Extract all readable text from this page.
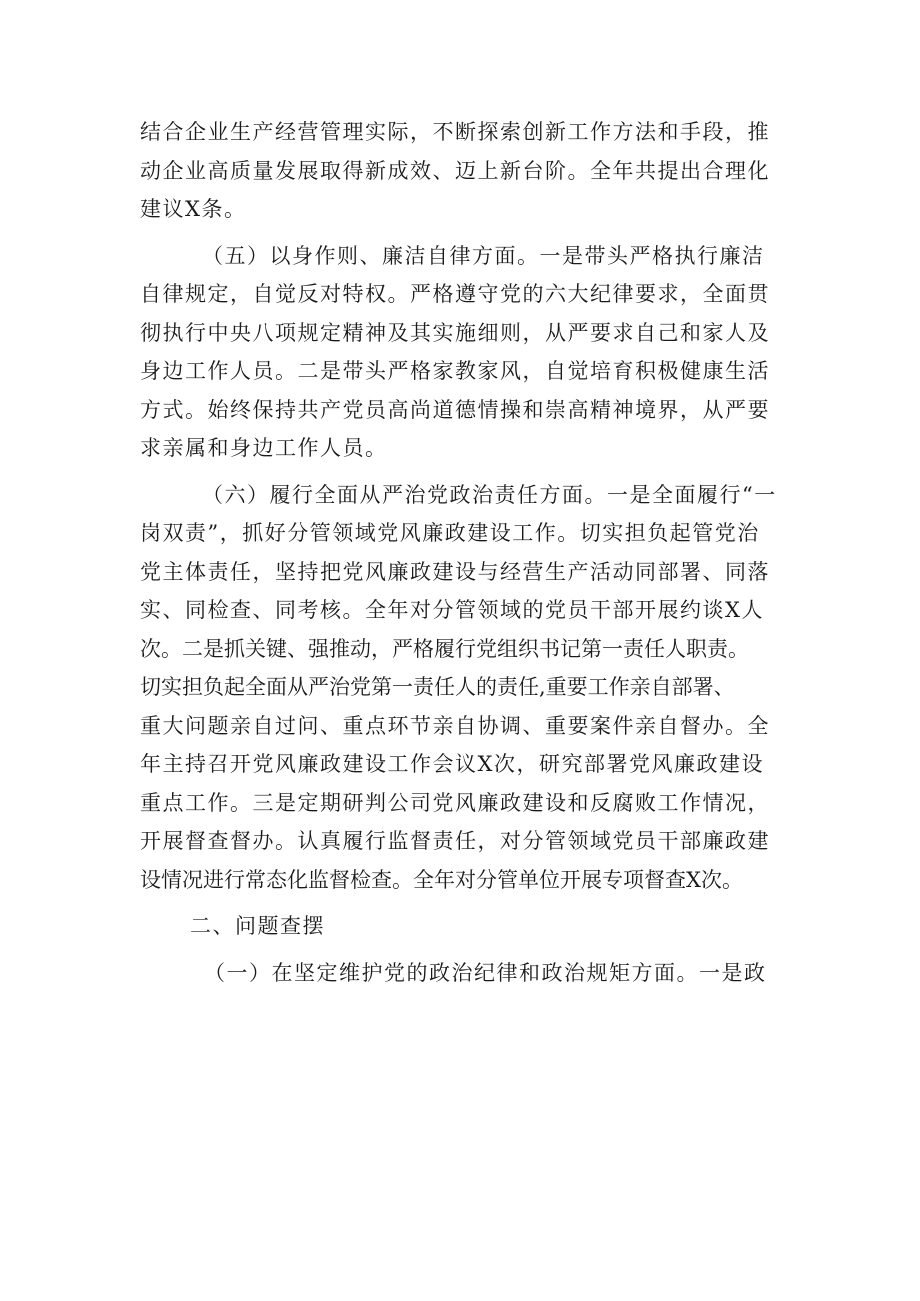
结合企业生产经营管理实际，不断探索创新工作方法和手段，推
动企业高质量发展取得新成效、迈上新台阶。全年共提出合理化
建议X条。
（五）以身作则、廉洁自律方面。一是带头严格执行廉洁
自律规定，自觉反对特权。严格遵守党的六大纪律要求，全面贯
彻执行中央八项规定精神及其实施细则，从严要求自己和家人及
身边工作人员。二是带头严格家教家风，自觉培育积极健康生活
方式。始终保持共产党员高尚道德情操和崇高精神境界，从严要
求亲属和身边工作人员。
（六）履行全面从严治党政治责任方面。一是全面履行“一
岗双责”，抓好分管领域党风廉政建设工作。切实担负起管党治
党主体责任，坚持把党风廉政建设与经营生产活动同部署、同落
实、同检查、同考核。全年对分管领域的党员干部开展约谈X人
次。二是抓关键、强推动，严格履行党组织书记第一责任人职责。
切实担负起全面从严治党第一责任人的责任,重要工作亲自部署、
重大问题亲自过问、重点环节亲自协调、重要案件亲自督办。全
年主持召开党风廉政建设工作会议X次，研究部署党风廉政建设
重点工作。三是定期研判公司党风廉政建设和反腐败工作情况，
开展督查督办。认真履行监督责任，对分管领域党员干部廉政建
设情况进行常态化监督检查。全年对分管单位开展专项督查X次。
二、问题查摆
（一）在坚定维护党的政治纪律和政治规矩方面。一是政
